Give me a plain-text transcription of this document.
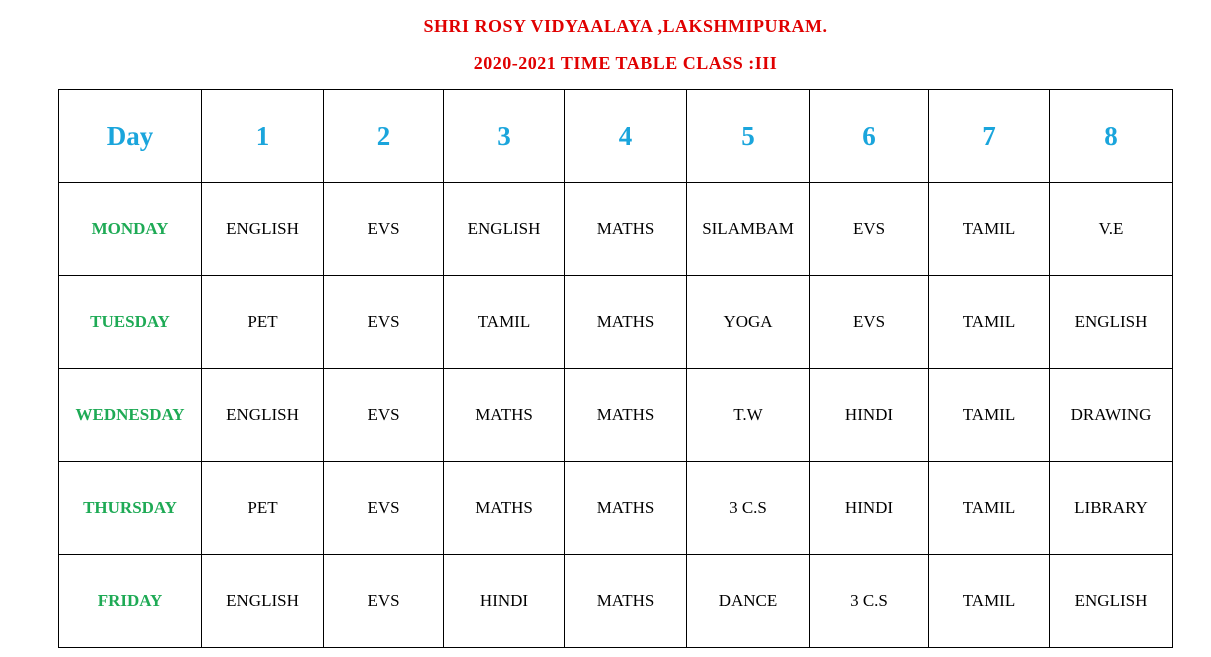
SHRI ROSY VIDYAALAYA ,LAKSHMIPURAM.
2020-2021 TIME TABLE CLASS :III
Day	1	2	3	4	5	6	7	8
MONDAY	ENGLISH	EVS	ENGLISH	MATHS	SILAMBAM	EVS	TAMIL	V.E
TUESDAY	PET	EVS	TAMIL	MATHS	YOGA	EVS	TAMIL	ENGLISH
WEDNESDAY	ENGLISH	EVS	MATHS	MATHS	T.W	HINDI	TAMIL	DRAWING
THURSDAY	PET	EVS	MATHS	MATHS	3 C.S	HINDI	TAMIL	LIBRARY
FRIDAY	ENGLISH	EVS	HINDI	MATHS	DANCE	3 C.S	TAMIL	ENGLISH
